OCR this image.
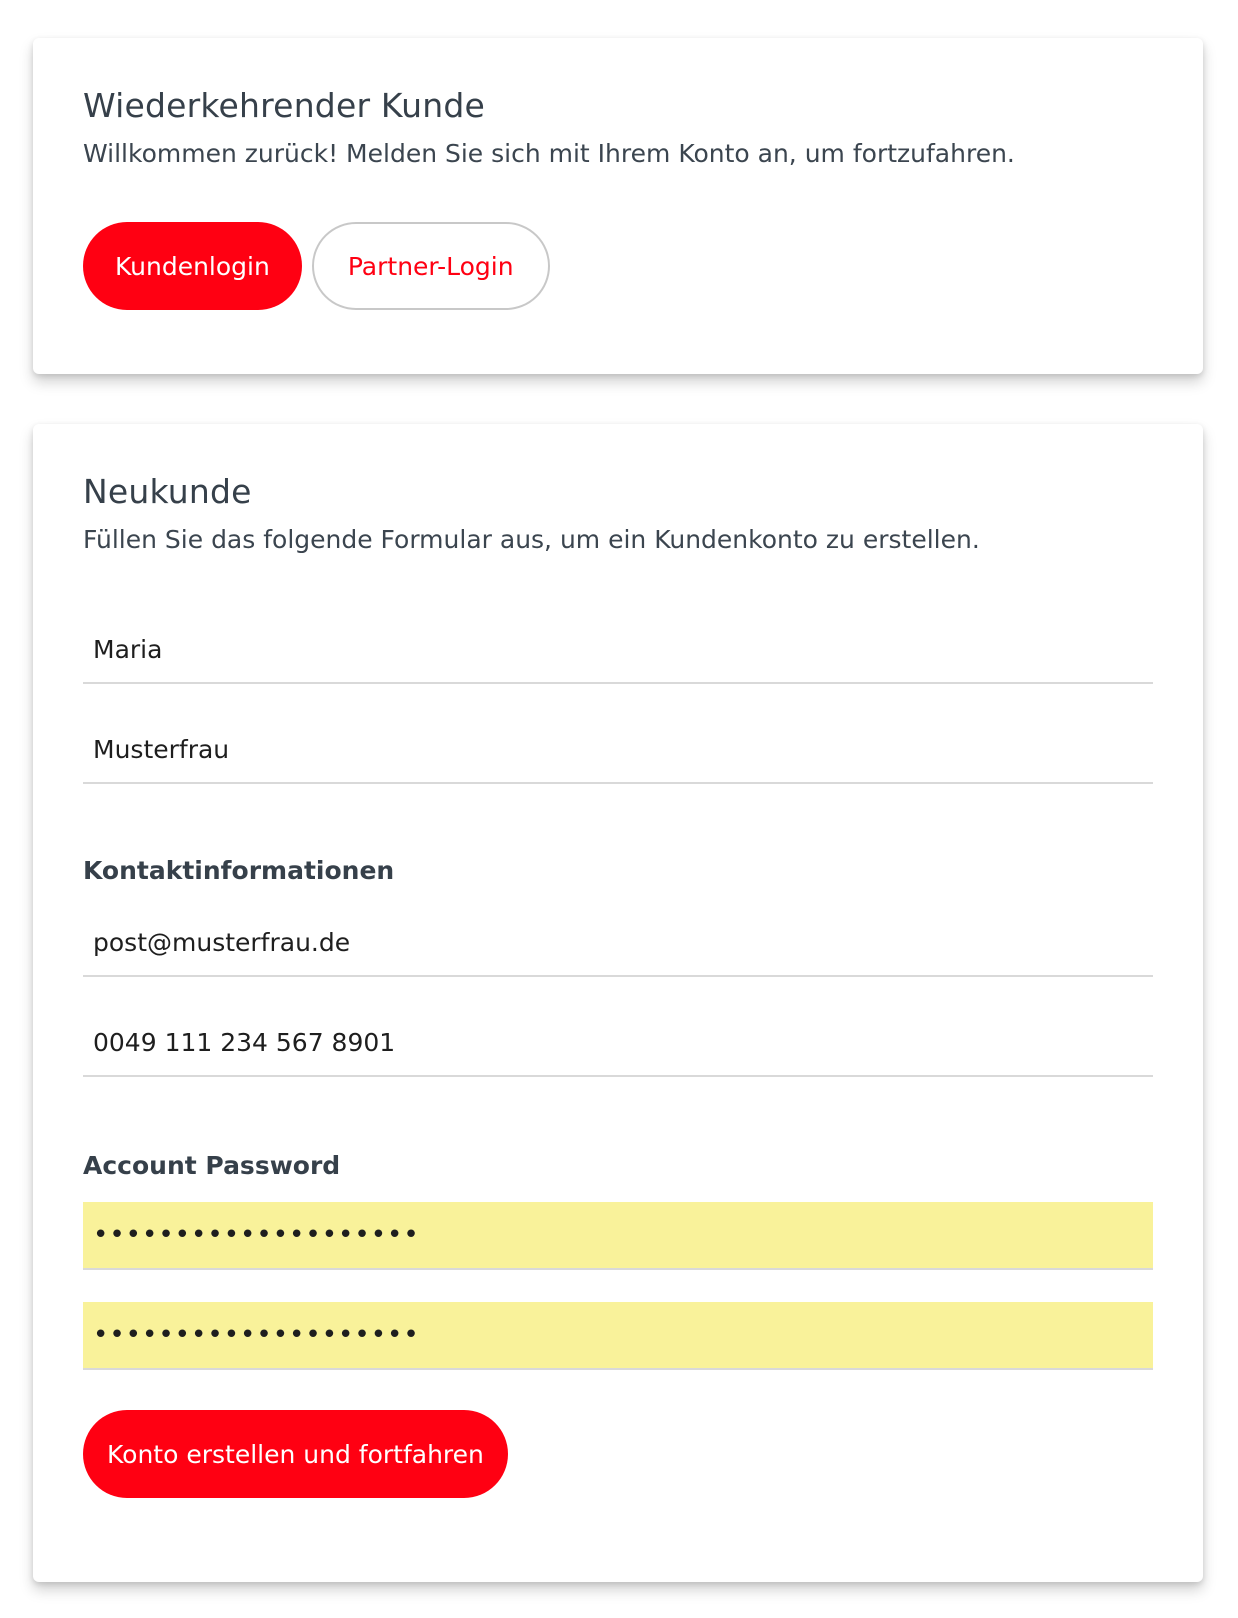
Wiederkehrender Kunde

Willkommen zurück! Melden Sie sich mit Ihrem Konto an, um fortzufahren.

Kundenlogin	Partner-Login
Neukunde

Füllen Sie das folgende Formular aus, um ein Kundenkonto zu erstellen.

Maria
Musterfrau

Kontaktinformationen

post@musterfrau.de
0049 111 234 567 8901

Account Password

••••••••••••••••••••
••••••••••••••••••••
Konto erstellen und fortfahren
